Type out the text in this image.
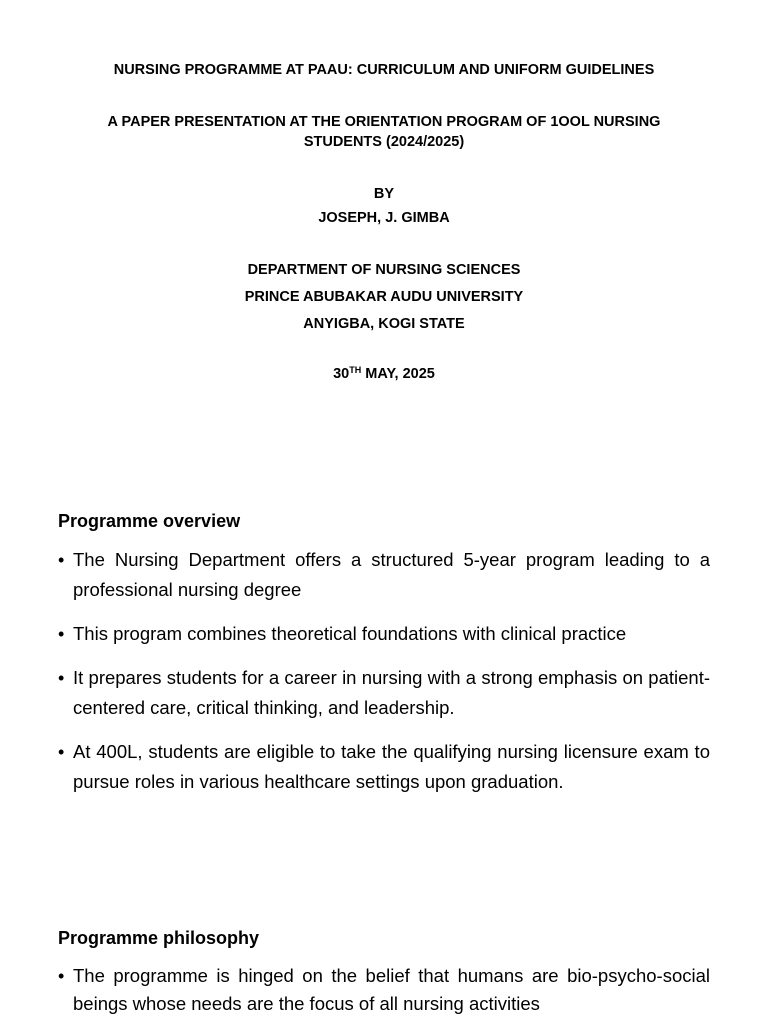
NURSING PROGRAMME AT PAAU: CURRICULUM AND UNIFORM GUIDELINES
A PAPER PRESENTATION AT THE ORIENTATION PROGRAM OF 1OOL NURSING STUDENTS (2024/2025)
BY
JOSEPH, J. GIMBA
DEPARTMENT OF NURSING SCIENCES
PRINCE ABUBAKAR AUDU UNIVERSITY
ANYIGBA, KOGI STATE
30TH MAY, 2025
Programme overview
• The Nursing Department offers a structured 5-year program leading to a professional nursing degree
• This program combines theoretical foundations with clinical practice
• It prepares students for a career in nursing with a strong emphasis on patient-centered care, critical thinking, and leadership.
• At 400L, students are eligible to take the qualifying nursing licensure exam to pursue roles in various healthcare settings upon graduation.
Programme philosophy
• The programme is hinged on the belief that humans are bio-psycho-social beings whose needs are the focus of all nursing activities
